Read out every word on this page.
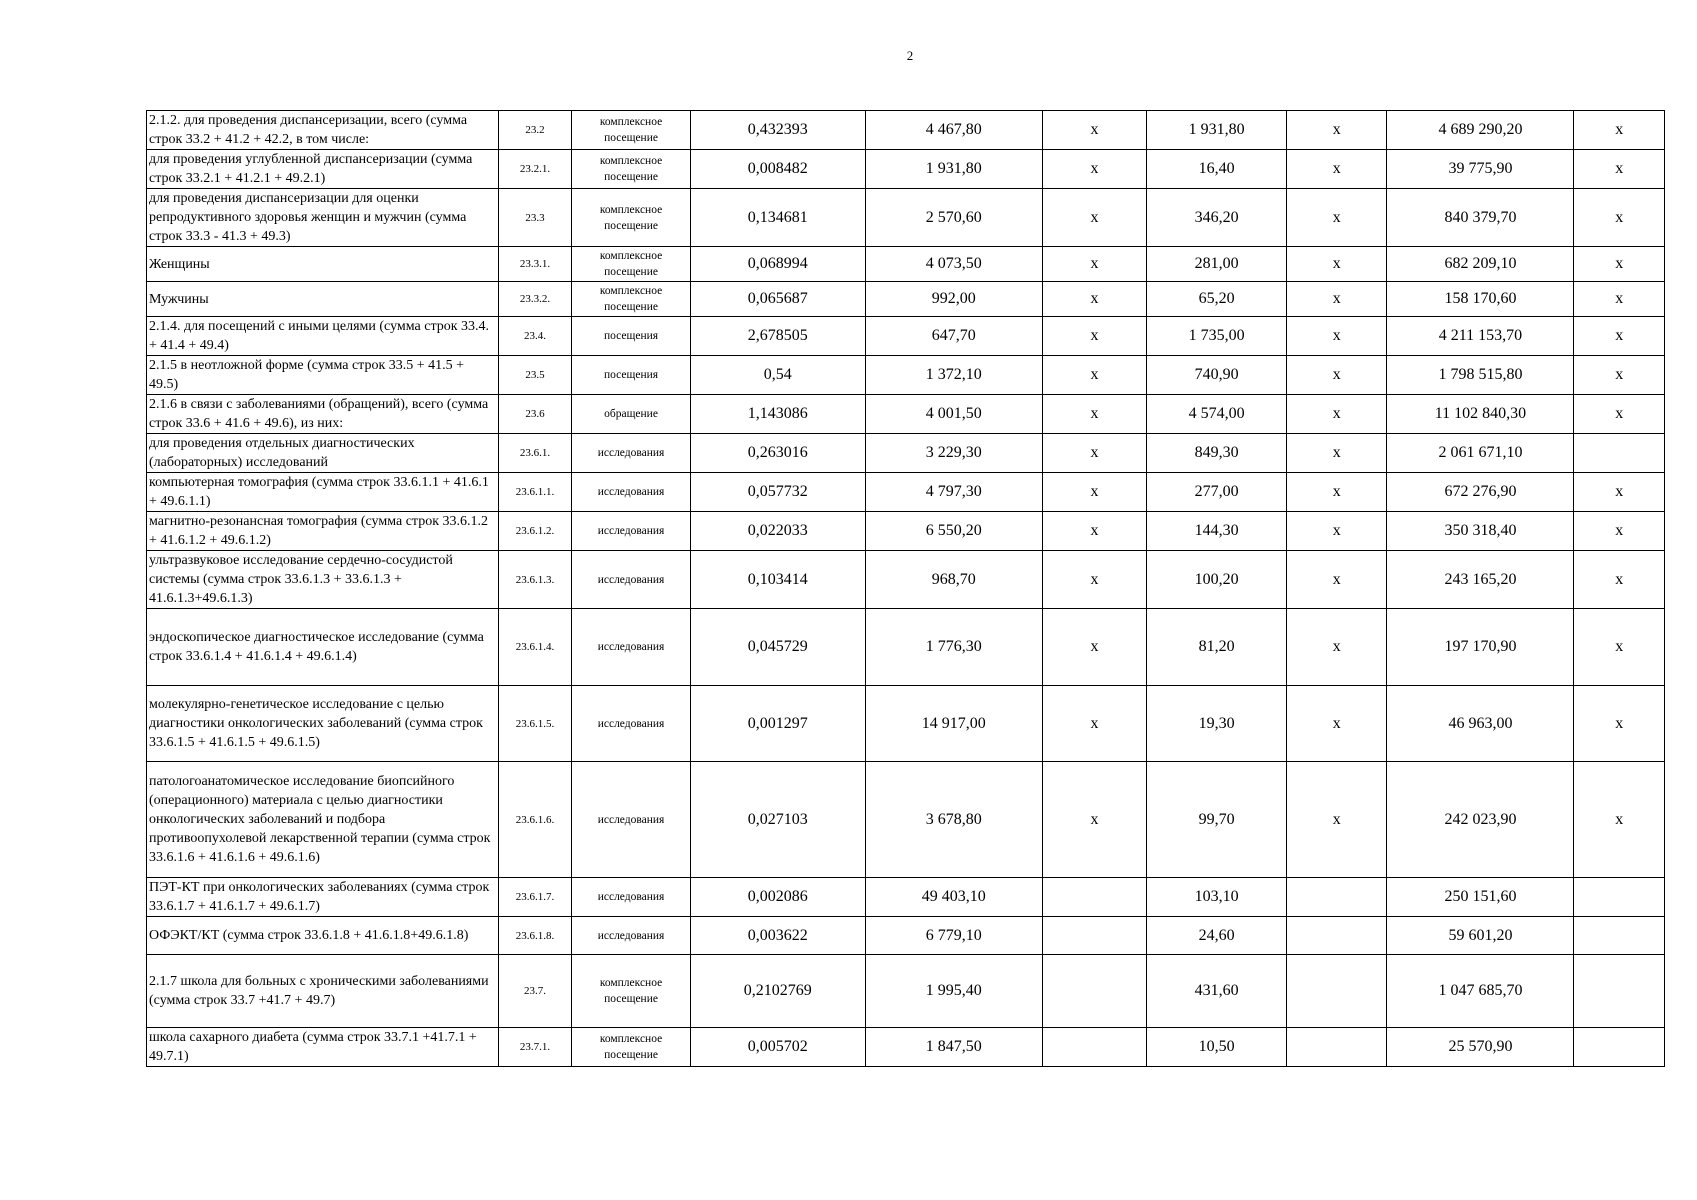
2
2.1.2. для проведения диспансеризации, всего (сумма строк 33.2 + 41.2 + 42.2, в том числе:	23.2	комплексное посещение	0,432393	4 467,80	х	1 931,80	х	4 689 290,20	х
для проведения углубленной диспансеризации (сумма строк 33.2.1 + 41.2.1 + 49.2.1)	23.2.1.	комплексное посещение	0,008482	1 931,80	х	16,40	х	39 775,90	х
для проведения диспансеризации для оценки репродуктивного здоровья женщин и мужчин (сумма строк 33.3 - 41.3 + 49.3)	23.3	комплексное посещение	0,134681	2 570,60	х	346,20	х	840 379,70	х
Женщины	23.3.1.	комплексное посещение	0,068994	4 073,50	х	281,00	х	682 209,10	х
Мужчины	23.3.2.	комплексное посещение	0,065687	992,00	х	65,20	х	158 170,60	х
2.1.4. для посещений с иными целями (сумма строк 33.4. + 41.4 + 49.4)	23.4.	посещения	2,678505	647,70	х	1 735,00	х	4 211 153,70	х
2.1.5 в неотложной форме (сумма строк 33.5 + 41.5 + 49.5)	23.5	посещения	0,54	1 372,10	х	740,90	х	1 798 515,80	х
2.1.6 в связи с заболеваниями (обращений), всего (сумма строк 33.6 + 41.6 + 49.6), из них:	23.6	обращение	1,143086	4 001,50	х	4 574,00	х	11 102 840,30	х
для проведения отдельных диагностических (лабораторных) исследований	23.6.1.	исследования	0,263016	3 229,30	х	849,30	х	2 061 671,10	
компьютерная томография (сумма строк 33.6.1.1 + 41.6.1 + 49.6.1.1)	23.6.1.1.	исследования	0,057732	4 797,30	х	277,00	х	672 276,90	х
магнитно-резонансная томография (сумма строк 33.6.1.2 + 41.6.1.2 + 49.6.1.2)	23.6.1.2.	исследования	0,022033	6 550,20	х	144,30	х	350 318,40	х
ультразвуковое исследование сердечно-сосудистой системы (сумма строк 33.6.1.3 + 33.6.1.3 + 41.6.1.3+49.6.1.3)	23.6.1.3.	исследования	0,103414	968,70	х	100,20	х	243 165,20	х
эндоскопическое диагностическое исследование (сумма строк 33.6.1.4 + 41.6.1.4 + 49.6.1.4)	23.6.1.4.	исследования	0,045729	1 776,30	х	81,20	х	197 170,90	х
молекулярно-генетическое исследование с целью диагностики онкологических заболеваний (сумма строк 33.6.1.5 + 41.6.1.5 + 49.6.1.5)	23.6.1.5.	исследования	0,001297	14 917,00	х	19,30	х	46 963,00	х
патологоанатомическое исследование биопсийного (операционного) материала с целью диагностики онкологических заболеваний и подбора противоопухолевой лекарственной терапии (сумма строк 33.6.1.6 + 41.6.1.6 + 49.6.1.6)	23.6.1.6.	исследования	0,027103	3 678,80	х	99,70	х	242 023,90	х
ПЭТ-КТ при онкологических заболеваниях (сумма строк 33.6.1.7 + 41.6.1.7 + 49.6.1.7)	23.6.1.7.	исследования	0,002086	49 403,10		103,10		250 151,60	
ОФЭКТ/КТ (сумма строк 33.6.1.8 + 41.6.1.8+49.6.1.8)	23.6.1.8.	исследования	0,003622	6 779,10		24,60		59 601,20	
2.1.7 школа для больных с хроническими заболеваниями (сумма строк 33.7 +41.7 + 49.7)	23.7.	комплексное посещение	0,2102769	1 995,40		431,60		1 047 685,70	
школа сахарного диабета (сумма строк 33.7.1 +41.7.1 + 49.7.1)	23.7.1.	комплексное посещение	0,005702	1 847,50		10,50		25 570,90	
